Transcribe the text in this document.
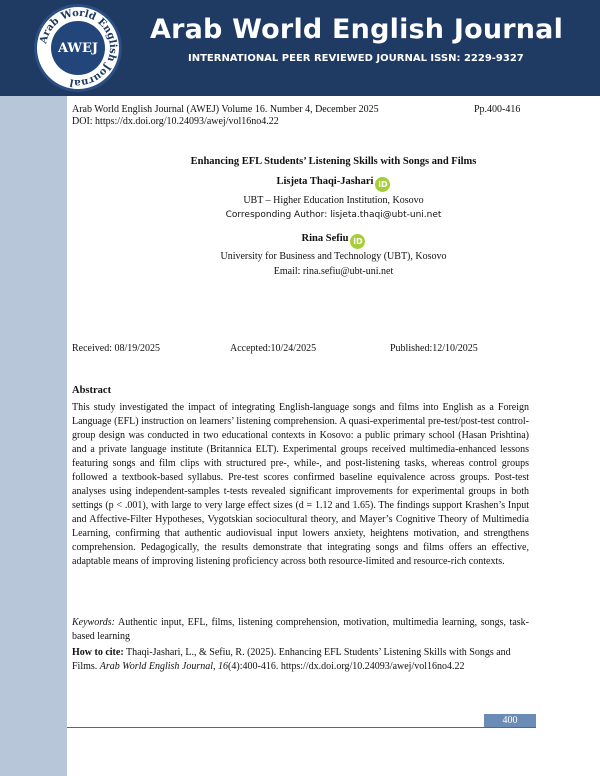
Arab World English Journal
AWEJ
Arab World English Journal
INTERNATIONAL PEER REVIEWED JOURNAL ISSN: 2229-9327
Arab World English Journal (AWEJ) Volume 16. Number 4, December 2025
DOI: https://dx.doi.org/10.24093/awej/vol16no4.22
Pp.400-416
Enhancing EFL Students’ Listening Skills with Songs and Films
Lisjeta Thaqi-Jashari iD
UBT – Higher Education Institution, Kosovo
Corresponding Author: lisjeta.thaqi@ubt-uni.net
Rina Sefiu iD
University for Business and Technology (UBT), Kosovo
Email: rina.sefiu@ubt-uni.net
Received: 08/19/2025	Accepted:10/24/2025	Published:12/10/2025
Abstract
This study investigated the impact of integrating English-language songs and films into English as a Foreign Language (EFL) instruction on learners’ listening comprehension. A quasi-experimental pre-test/post-test control-group design was conducted in two educational contexts in Kosovo: a public primary school (Hasan Prishtina) and a private language institute (Britannica ELT). Experimental groups received multimedia-enhanced lessons featuring songs and film clips with structured pre-, while-, and post-listening tasks, whereas control groups followed a textbook-based syllabus. Pre-test scores confirmed baseline equivalence across groups. Post-test analyses using independent-samples t-tests revealed significant improvements for experimental groups in both settings (p < .001), with large to very large effect sizes (d = 1.12 and 1.65). The findings support Krashen’s Input and Affective-Filter Hypotheses, Vygotskian sociocultural theory, and Mayer’s Cognitive Theory of Multimedia Learning, confirming that authentic audiovisual input lowers anxiety, heightens motivation, and strengthens comprehension. Pedagogically, the results demonstrate that integrating songs and films offers an effective, adaptable means of improving listening proficiency across both resource-limited and resource-rich contexts.
Keywords: Authentic input, EFL, films, listening comprehension, motivation, multimedia learning, songs, task-based learning
How to cite: Thaqi-Jashari, L., & Sefiu, R. (2025). Enhancing EFL Students’ Listening Skills with Songs and Films. Arab World English Journal, 16(4):400-416. https://dx.doi.org/10.24093/awej/vol16no4.22
400
